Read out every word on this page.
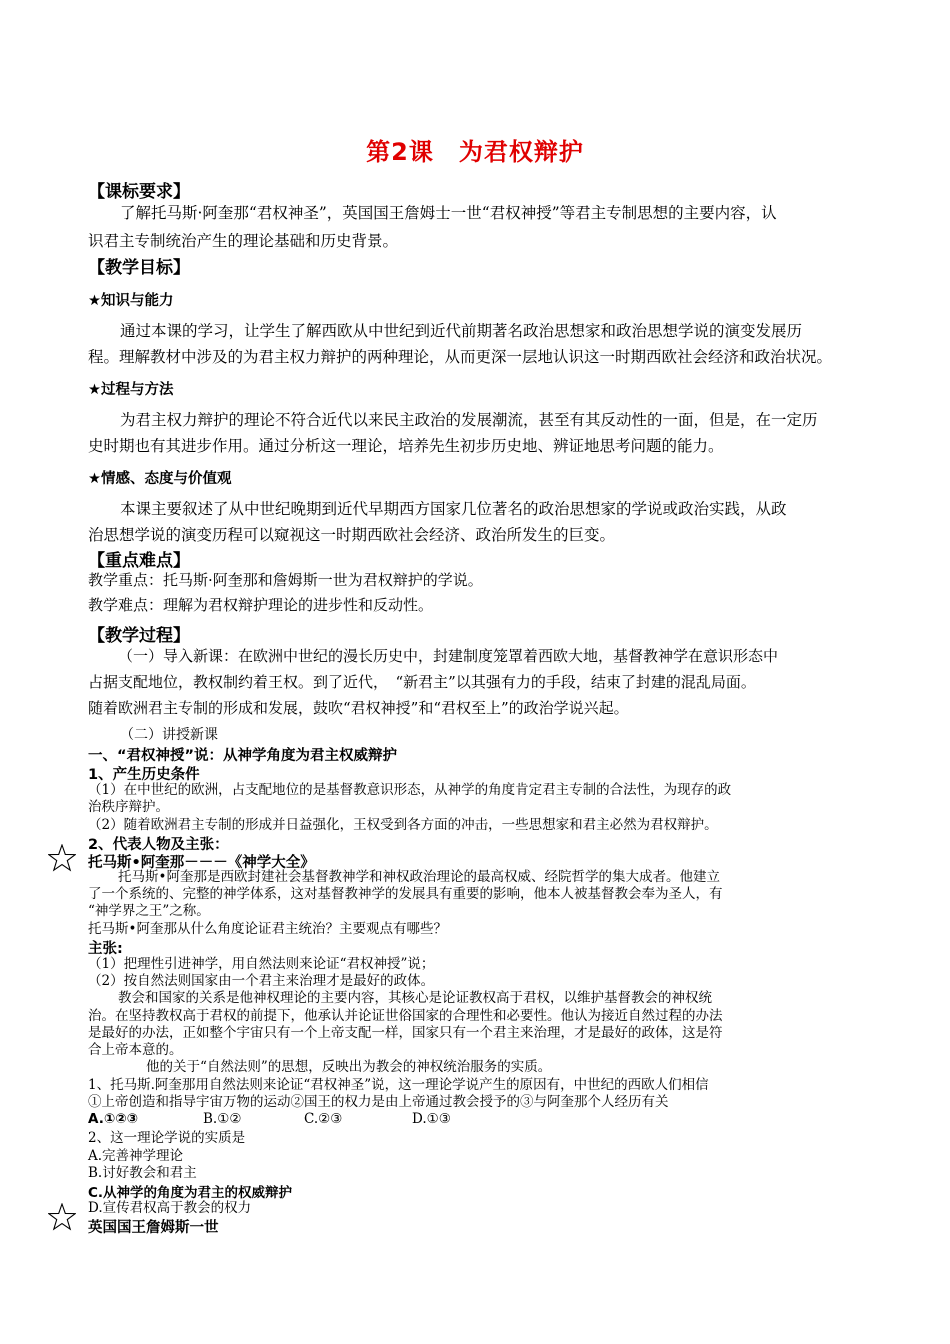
第2课　为君权辩护
【课标要求】
了解托马斯·阿奎那“君权神圣”，英国国王詹姆士一世“君权神授”等君主专制思想的主要内容，认
识君主专制统治产生的理论基础和历史背景。
【教学目标】
★知识与能力
通过本课的学习，让学生了解西欧从中世纪到近代前期著名政治思想家和政治思想学说的演变发展历
程。理解教材中涉及的为君主权力辩护的两种理论，从而更深一层地认识这一时期西欧社会经济和政治状况。
★过程与方法
为君主权力辩护的理论不符合近代以来民主政治的发展潮流，甚至有其反动性的一面，但是，在一定历
史时期也有其进步作用。通过分析这一理论，培养先生初步历史地、辨证地思考问题的能力。
★情感、态度与价值观
本课主要叙述了从中世纪晚期到近代早期西方国家几位著名的政治思想家的学说或政治实践，从政
治思想学说的演变历程可以窥视这一时期西欧社会经济、政治所发生的巨变。
【重点难点】
教学重点：托马斯·阿奎那和詹姆斯一世为君权辩护的学说。
教学难点：理解为君权辩护理论的进步性和反动性。
【教学过程】
（一）导入新课：在欧洲中世纪的漫长历史中，封建制度笼罩着西欧大地，基督教神学在意识形态中
占据支配地位，教权制约着王权。到了近代，　“新君主”以其强有力的手段，结束了封建的混乱局面。
随着欧洲君主专制的形成和发展，鼓吹“君权神授”和“君权至上”的政治学说兴起。
（二）讲授新课
一、“君权神授”说：从神学角度为君主权威辩护
1、产生历史条件
（1）在中世纪的欧洲，占支配地位的是基督教意识形态，从神学的角度肯定君主专制的合法性，为现存的政
治秩序辩护。
（2）随着欧洲君主专制的形成并日益强化，王权受到各方面的冲击，一些思想家和君主必然为君权辩护。
2、代表人物及主张：
托马斯•阿奎那－－－《神学大全》
托马斯•阿奎那是西欧封建社会基督教神学和神权政治理论的最高权威、经院哲学的集大成者。他建立
了一个系统的、完整的神学体系，这对基督教神学的发展具有重要的影响，他本人被基督教会奉为圣人，有
“神学界之王”之称。
托马斯•阿奎那从什么角度论证君主统治？主要观点有哪些？
主张:
（1）把理性引进神学，用自然法则来论证“君权神授”说；
（2）按自然法则国家由一个君主来治理才是最好的政体。
教会和国家的关系是他神权理论的主要内容，其核心是论证教权高于君权，以维护基督教会的神权统
治。在坚持教权高于君权的前提下，他承认并论证世俗国家的合理性和必要性。他认为接近自然过程的办法
是最好的办法，正如整个宇宙只有一个上帝支配一样，国家只有一个君主来治理，才是最好的政体，这是符
合上帝本意的。
他的关于“自然法则”的思想，反映出为教会的神权统治服务的实质。
1、托马斯.阿奎那用自然法则来论证“君权神圣”说，这一理论学说产生的原因有，中世纪的西欧人们相信
①上帝创造和指导宇宙万物的运动②国王的权力是由上帝通过教会授予的③与阿奎那个人经历有关
A.①②③	B.①②	C.②③	D.①③
2、这一理论学说的实质是
A.完善神学理论
B.讨好教会和君主
C.从神学的角度为君主的权威辩护
D.宣传君权高于教会的权力
英国国王詹姆斯一世
